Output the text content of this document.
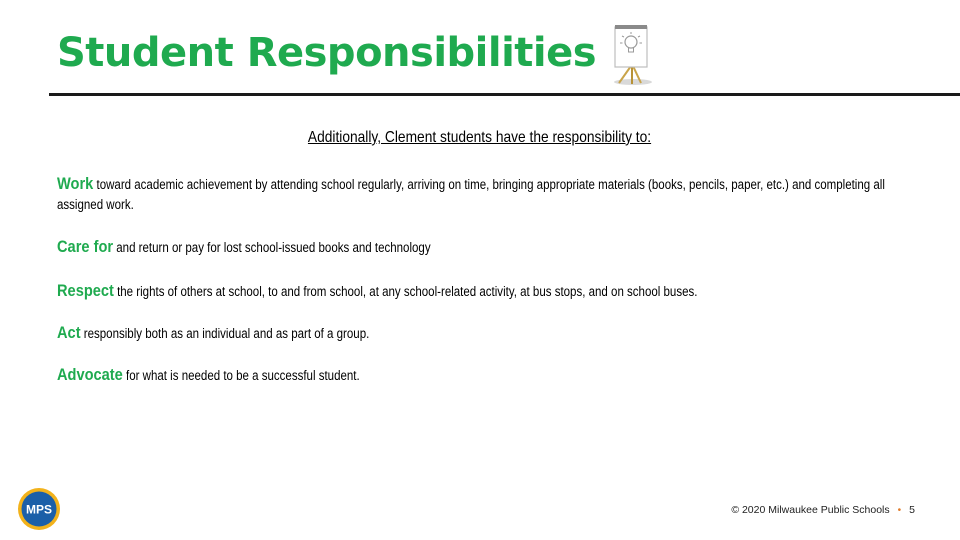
Student Responsibilities
Additionally, Clement students have the responsibility to:

Work toward academic achievement by attending school regularly, arriving on time, bringing appropriate materials (books, pencils, paper, etc.) and completing all assigned work.

Care for and return or pay for lost school-issued books and technology

Respect the rights of others at school, to and from school, at any school-related activity, at bus stops, and on school buses.

Act responsibly both as an individual and as part of a group.

Advocate for what is needed to be a successful student.

MPS	© 2020 Milwaukee Public Schools • 5
